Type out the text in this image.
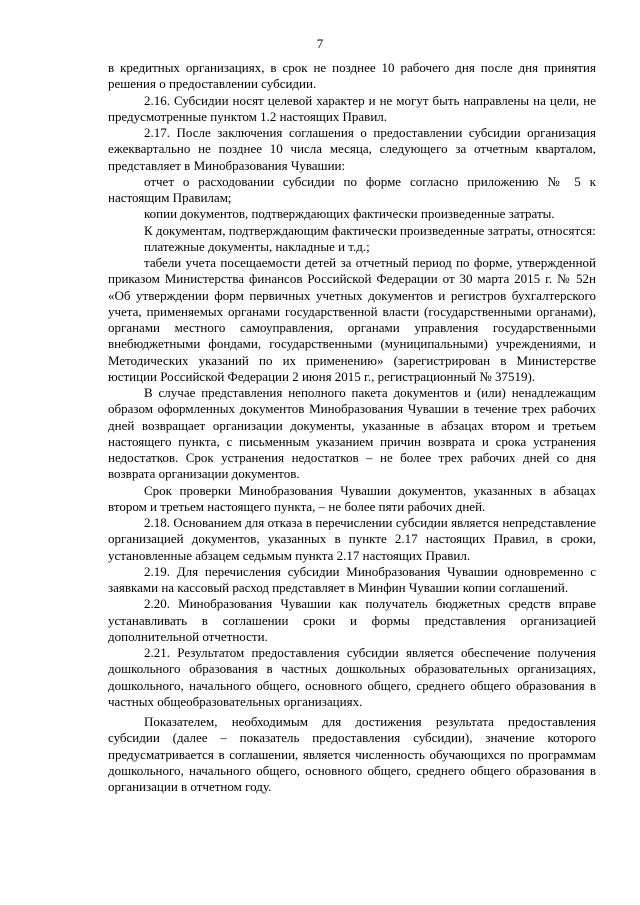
7

в кредитных организациях, в срок не позднее 10 рабочего дня после дня принятия решения о предоставлении субсидии.

2.16. Субсидии носят целевой характер и не могут быть направлены на цели, не предусмотренные пунктом 1.2 настоящих Правил.

2.17. После заключения соглашения о предоставлении субсидии организация ежеквартально не позднее 10 числа месяца, следующего за отчетным кварталом, представляет в Минобразования Чувашии:

отчет о расходовании субсидии по форме согласно приложению № 5 к настоящим Правилам;

копии документов, подтверждающих фактически произведенные затраты.

К документам, подтверждающим фактически произведенные затраты, относятся:

платежные документы, накладные и т.д.;

табели учета посещаемости детей за отчетный период по форме, утвержденной приказом Министерства финансов Российской Федерации от 30 марта 2015 г. № 52н «Об утверждении форм первичных учетных документов и регистров бухгалтерского учета, применяемых органами государственной власти (государственными органами), органами местного самоуправления, органами управления государственными внебюджетными фондами, государственными (муниципальными) учреждениями, и Методических указаний по их применению» (зарегистрирован в Министерстве юстиции Российской Федерации 2 июня 2015 г., регистрационный № 37519).

В случае представления неполного пакета документов и (или) ненадлежащим образом оформленных документов Минобразования Чувашии в течение трех рабочих дней возвращает организации документы, указанные в абзацах втором и третьем настоящего пункта, с письменным указанием причин возврата и срока устранения недостатков. Срок устранения недостатков – не более трех рабочих дней со дня возврата организации документов.

Срок проверки Минобразования Чувашии документов, указанных в абзацах втором и третьем настоящего пункта, – не более пяти рабочих дней.

2.18. Основанием для отказа в перечислении субсидии является непредставление организацией документов, указанных в пункте 2.17 настоящих Правил, в сроки, установленные абзацем седьмым пункта 2.17 настоящих Правил.

2.19. Для перечисления субсидии Минобразования Чувашии одновременно с заявками на кассовый расход представляет в Минфин Чувашии копии соглашений.

2.20. Минобразования Чувашии как получатель бюджетных средств вправе устанавливать в соглашении сроки и формы представления организацией дополнительной отчетности.

2.21. Результатом предоставления субсидии является обеспечение получения дошкольного образования в частных дошкольных образовательных организациях, дошкольного, начального общего, основного общего, среднего общего образования в частных общеобразовательных организациях.

Показателем, необходимым для достижения результата предоставления субсидии (далее – показатель предоставления субсидии), значение которого предусматривается в соглашении, является численность обучающихся по программам дошкольного, начального общего, основного общего, среднего общего образования в организации в отчетном году.
